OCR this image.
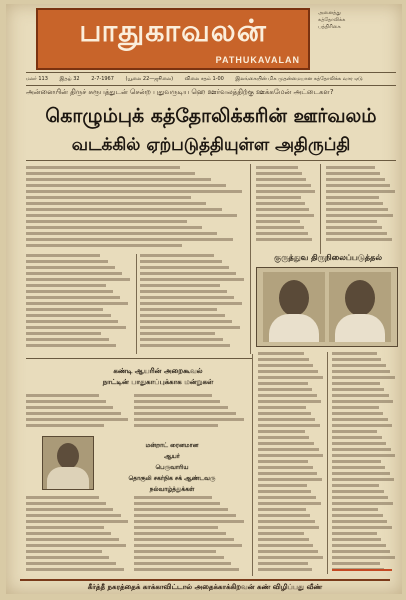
பாதுகாவலன்
PATHUKAVALAN
அனைத்து
கத்தோலிக்க
பத்திரிகை
மலர் 113 இதழ் 32 2-7-1967 (யூலை 22—ஜூலை) விலை சதம் 1-00 இலங்கையின் மிக முதன்மையான கத்தோலிக்க வார ஏடு
அன்னையின் திருச் சுரூபத்துடன் சென்ற புதுவருடிய ஹெ ஊர்வலத்திற்கு ஊக்கமேன் அட்டைகள?
கொழும்புக் கத்தோலிக்கரின் ஊர்வலம்
வடக்கில் ஏற்படுத்தியுள்ள அதிருப்தி
குருத்துவ திருநிலைப்படுத்தல்
கண்டி ஆயரின் அறைகூவல்
நாட்டின் பாதுகாப்புக்காக மன்றுகள்
மன்றாட் ரைனமான
ஆயர்
பெருவாரிய
தொகுலி சகர்நிக சக் ஆண்டவரு
நல்வாழ்த்துக்கள்
கீர்த்தீ நகரத்தைக் காக்காவிட்டால் அதைக்காக்கிறவன் கண் விழிப்பது வீண்
